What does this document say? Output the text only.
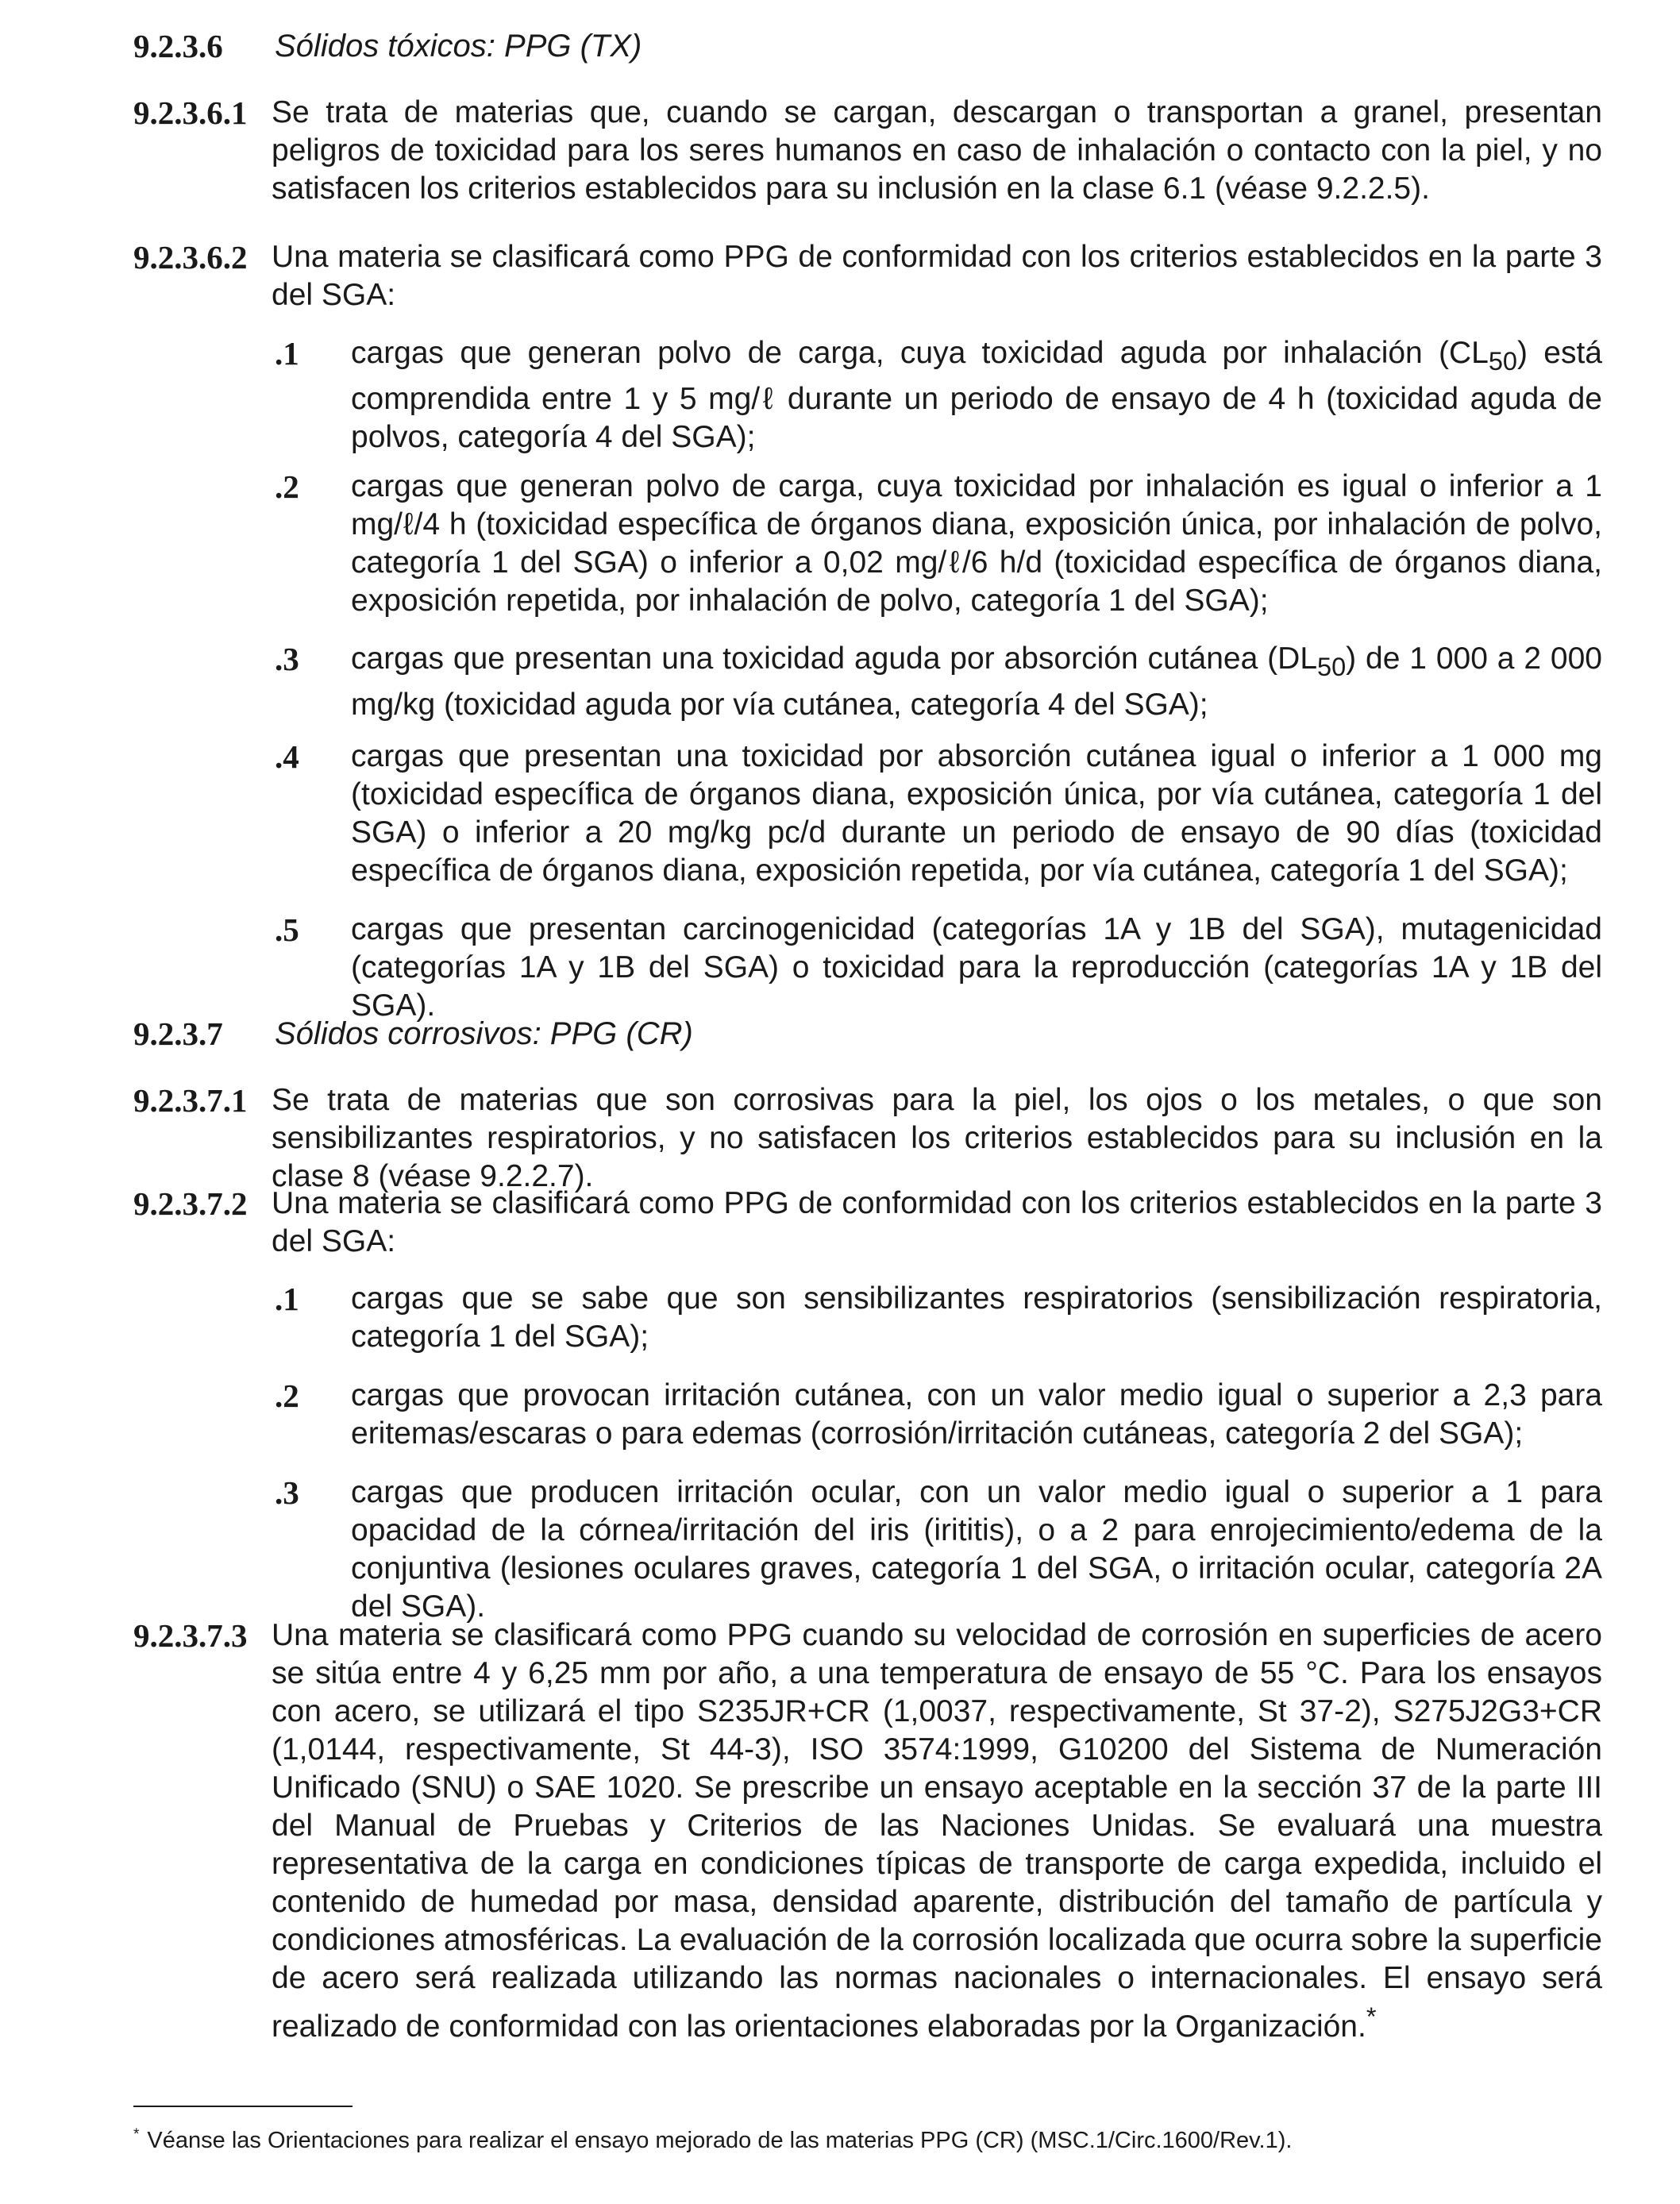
9.2.3.6 Sólidos tóxicos: PPG (TX)
9.2.3.6.1 Se trata de materias que, cuando se cargan, descargan o transportan a granel, presentan peligros de toxicidad para los seres humanos en caso de inhalación o contacto con la piel, y no satisfacen los criterios establecidos para su inclusión en la clase 6.1 (véase 9.2.2.5).
9.2.3.6.2 Una materia se clasificará como PPG de conformidad con los criterios establecidos en la parte 3 del SGA:
.1 cargas que generan polvo de carga, cuya toxicidad aguda por inhalación $(CL_{50})$ está comprendida entre 1 y 5 mg/ℓ durante un periodo de ensayo de 4 h (toxicidad aguda de polvos, categoría 4 del SGA);
.2 cargas que generan polvo de carga, cuya toxicidad por inhalación es igual o inferior a 1 mg/ℓ/4 h (toxicidad específica de órganos diana, exposición única, por inhalación de polvo, categoría 1 del SGA) o inferior a 0,02 mg/ℓ/6 h/d (toxicidad específica de órganos diana, exposición repetida, por inhalación de polvo, categoría 1 del SGA);
.3 cargas que presentan una toxicidad aguda por absorción cutánea $(DL_{50})$ de 1 000 a 2 000 mg/kg (toxicidad aguda por vía cutánea, categoría 4 del SGA);
.4 cargas que presentan una toxicidad por absorción cutánea igual o inferior a 1 000 mg (toxicidad específica de órganos diana, exposición única, por vía cutánea, categoría 1 del SGA) o inferior a 20 mg/kg pc/d durante un periodo de ensayo de 90 días (toxicidad específica de órganos diana, exposición repetida, por vía cutánea, categoría 1 del SGA);
.5 cargas que presentan carcinogenicidad (categorías 1A y 1B del SGA), mutagenicidad (categorías 1A y 1B del SGA) o toxicidad para la reproducción (categorías 1A y 1B del SGA).
9.2.3.7 Sólidos corrosivos: PPG (CR)
9.2.3.7.1 Se trata de materias que son corrosivas para la piel, los ojos o los metales, o que son sensibilizantes respiratorios, y no satisfacen los criterios establecidos para su inclusión en la clase 8 (véase 9.2.2.7).
9.2.3.7.2 Una materia se clasificará como PPG de conformidad con los criterios establecidos en la parte 3 del SGA:
.1 cargas que se sabe que son sensibilizantes respiratorios (sensibilización respiratoria, categoría 1 del SGA);
.2 cargas que provocan irritación cutánea, con un valor medio igual o superior a 2,3 para eritemas/escaras o para edemas (corrosión/irritación cutáneas, categoría 2 del SGA);
.3 cargas que producen irritación ocular, con un valor medio igual o superior a 1 para opacidad de la córnea/irritación del iris (irititis), o a 2 para enrojecimiento/edema de la conjuntiva (lesiones oculares graves, categoría 1 del SGA, o irritación ocular, categoría 2A del SGA).
9.2.3.7.3 Una materia se clasificará como PPG cuando su velocidad de corrosión en superficies de acero se sitúa entre 4 y 6,25 mm por año, a una temperatura de ensayo de 55 °C. Para los ensayos con acero, se utilizará el tipo S235JR+CR (1,0037, respectivamente, St 37-2), S275J2G3+CR (1,0144, respectivamente, St 44-3), ISO 3574:1999, G10200 del Sistema de Numeración Unificado (SNU) o SAE 1020. Se prescribe un ensayo aceptable en la sección 37 de la parte III del Manual de Pruebas y Criterios de las Naciones Unidas. Se evaluará una muestra representativa de la carga en condiciones típicas de transporte de carga expedida, incluido el contenido de humedad por masa, densidad aparente, distribución del tamaño de partícula y condiciones atmosféricas. La evaluación de la corrosión localizada que ocurra sobre la superficie de acero será realizada utilizando las normas nacionales o internacionales. El ensayo será realizado de conformidad con las orientaciones elaboradas por la Organización.*
* Véanse las Orientaciones para realizar el ensayo mejorado de las materias PPG (CR) (MSC.1/Circ.1600/Rev.1).
